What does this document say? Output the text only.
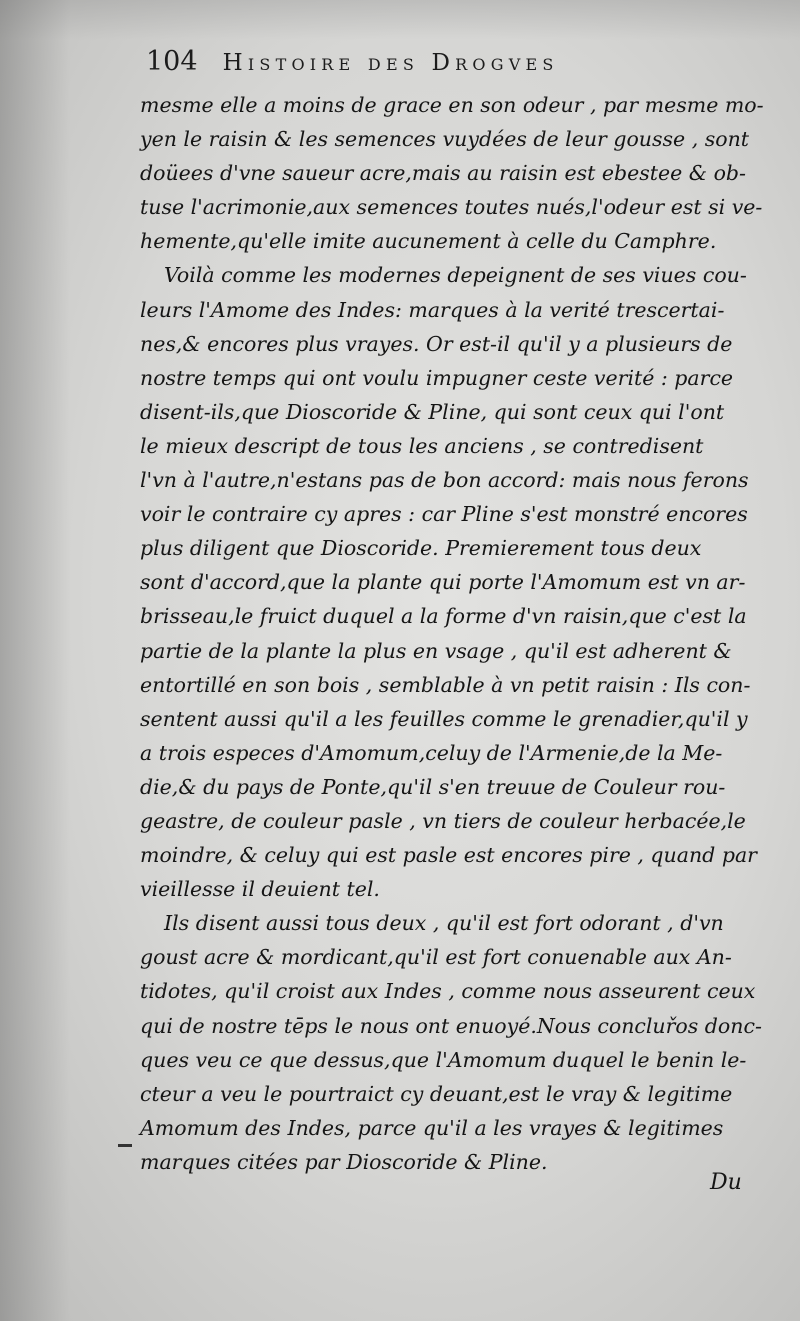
104 Histoire des Drogves
mesme elle a moins de grace en son odeur , par mesme mo-
yen le raisin & les semences vuydées de leur gousse , sont
doüees d'vne saueur acre,mais au raisin est ebestee & ob-
tuse l'acrimonie,aux semences toutes nués,l'odeur est si ve-
hemente,qu'elle imite aucunement à celle du Camphre.
Voilà comme les modernes depeignent de ses viues cou-
leurs l'Amome des Indes: marques à la verité trescertai-
nes,& encores plus vrayes. Or est-il qu'il y a plusieurs de
nostre temps qui ont voulu impugner ceste verité : parce
disent-ils,que Dioscoride & Pline, qui sont ceux qui l'ont
le mieux descript de tous les anciens , se contredisent
l'vn à l'autre,n'estans pas de bon accord: mais nous ferons
voir le contraire cy apres : car Pline s'est monstré encores
plus diligent que Dioscoride. Premierement tous deux
sont d'accord,que la plante qui porte l'Amomum est vn ar-
brisseau,le fruict duquel a la forme d'vn raisin,que c'est la
partie de la plante la plus en vsage , qu'il est adherent &
entortillé en son bois , semblable à vn petit raisin : Ils con-
sentent aussi qu'il a les feuilles comme le grenadier,qu'il y
a trois especes d'Amomum,celuy de l'Armenie,de la Me-
die,& du pays de Ponte,qu'il s'en treuue de Couleur rou-
geastre, de couleur pasle , vn tiers de couleur herbacée,le
moindre, & celuy qui est pasle est encores pire , quand par
vieillesse il deuient tel.
Ils disent aussi tous deux , qu'il est fort odorant , d'vn
goust acre & mordicant,qu'il est fort conuenable aux An-
tidotes, qu'il croist aux Indes , comme nous asseurent ceux
qui de nostre tēps le nous ont enuoyé.Nous concluřos donc-
ques veu ce que dessus,que l'Amomum duquel le benin le-
cteur a veu le pourtraict cy deuant,est le vray & legitime
Amomum des Indes, parce qu'il a les vrayes & legitimes
marques citées par Dioscoride & Pline.
Du
